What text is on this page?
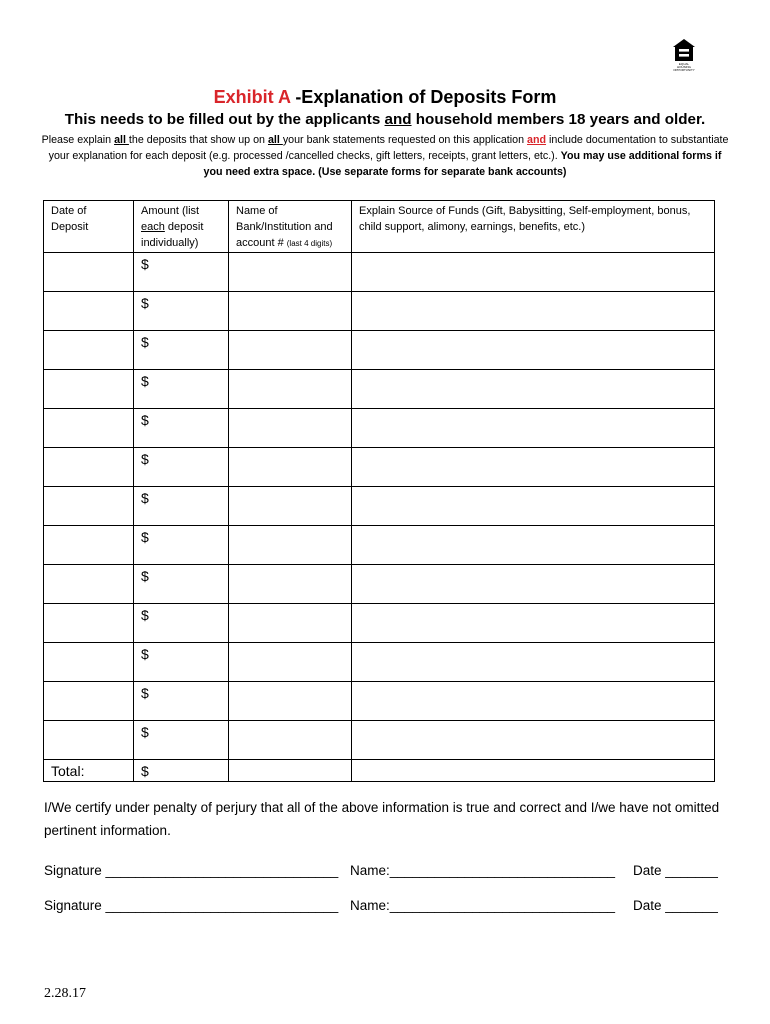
EQUAL HOUSING OPPORTUNITY
Exhibit A -Explanation of Deposits Form
This needs to be filled out by the applicants and household members 18 years and older.
Please explain all the deposits that show up on all your bank statements requested on this application and include documentation to substantiate your explanation for each deposit (e.g. processed /cancelled checks, gift letters, receipts, grant letters, etc.). You may use additional forms if you need extra space. (Use separate forms for separate bank accounts)
Date of Deposit	Amount (list each deposit individually)	Name of Bank/Institution and account # (last 4 digits)	Explain Source of Funds (Gift, Babysitting, Self-employment, bonus, child support, alimony, earnings, benefits, etc.)
	$		
	$		
	$		
	$		
	$		
	$		
	$		
	$		
	$		
	$		
	$		
	$		
	$		
Total:	$		
I/We certify under penalty of perjury that all of the above information is true and correct and I/we have not omitted pertinent information.
Signature _______________________________ Name:______________________________ Date _______
Signature _______________________________ Name:______________________________ Date _______
2.28.17
